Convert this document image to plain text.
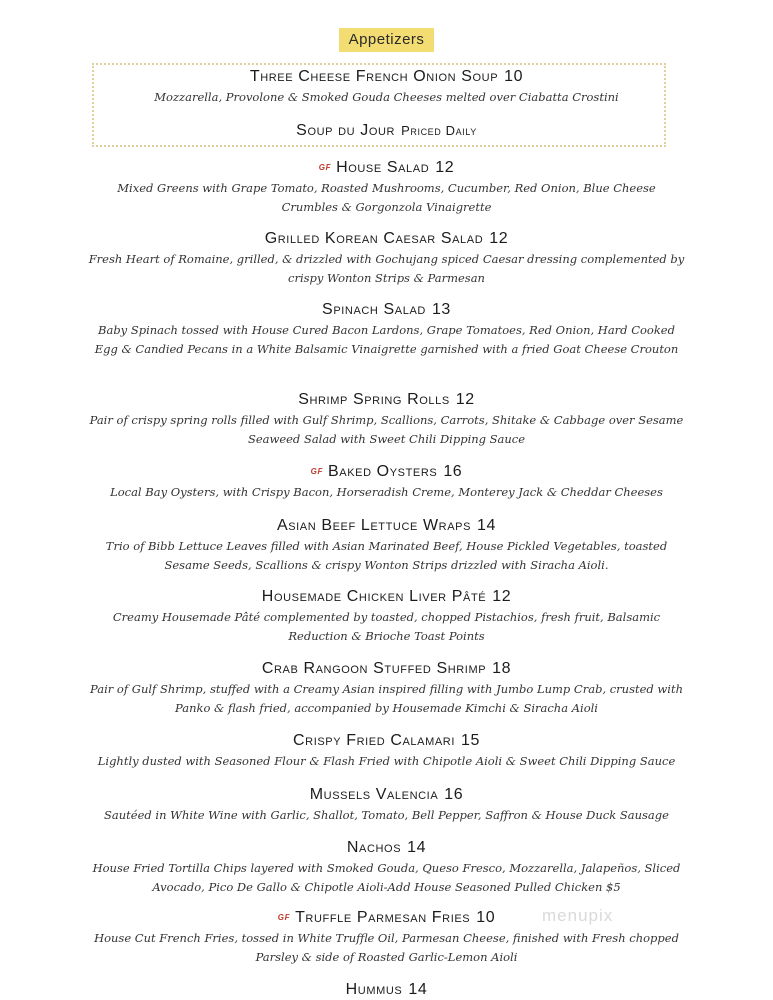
Appetizers
Three Cheese French Onion Soup 10
Mozzarella, Provolone & Smoked Gouda Cheeses melted over Ciabatta Crostini
Soup du Jour Priced Daily
GF House Salad 12
Mixed Greens with Grape Tomato, Roasted Mushrooms, Cucumber, Red Onion, Blue Cheese Crumbles & Gorgonzola Vinaigrette
Grilled Korean Caesar Salad 12
Fresh Heart of Romaine, grilled, & drizzled with Gochujang spiced Caesar dressing complemented by crispy Wonton Strips & Parmesan
Spinach Salad 13
Baby Spinach tossed with House Cured Bacon Lardons, Grape Tomatoes, Red Onion, Hard Cooked Egg & Candied Pecans in a White Balsamic Vinaigrette garnished with a fried Goat Cheese Crouton
Shrimp Spring Rolls 12
Pair of crispy spring rolls filled with Gulf Shrimp, Scallions, Carrots, Shitake & Cabbage over Sesame Seaweed Salad with Sweet Chili Dipping Sauce
GF Baked Oysters 16
Local Bay Oysters, with Crispy Bacon, Horseradish Creme, Monterey Jack & Cheddar Cheeses
Asian Beef Lettuce Wraps 14
Trio of Bibb Lettuce Leaves filled with Asian Marinated Beef, House Pickled Vegetables, toasted Sesame Seeds, Scallions & crispy Wonton Strips drizzled with Siracha Aioli.
Housemade Chicken Liver Pâté 12
Creamy Housemade Pâté complemented by toasted, chopped Pistachios, fresh fruit, Balsamic Reduction & Brioche Toast Points
Crab Rangoon Stuffed Shrimp 18
Pair of Gulf Shrimp, stuffed with a Creamy Asian inspired filling with Jumbo Lump Crab, crusted with Panko & flash fried, accompanied by Housemade Kimchi & Siracha Aioli
Crispy Fried Calamari 15
Lightly dusted with Seasoned Flour & Flash Fried with Chipotle Aioli & Sweet Chili Dipping Sauce
Mussels Valencia 16
Sautéed in White Wine with Garlic, Shallot, Tomato, Bell Pepper, Saffron & House Duck Sausage
Nachos 14
House Fried Tortilla Chips layered with Smoked Gouda, Queso Fresco, Mozzarella, Jalapeños, Sliced Avocado, Pico De Gallo & Chipotle Aioli-Add House Seasoned Pulled Chicken $5
GF Truffle Parmesan Fries 10
House Cut French Fries, tossed in White Truffle Oil, Parmesan Cheese, finished with Fresh chopped Parsley & side of Roasted Garlic-Lemon Aioli
Hummus 14
menupix
